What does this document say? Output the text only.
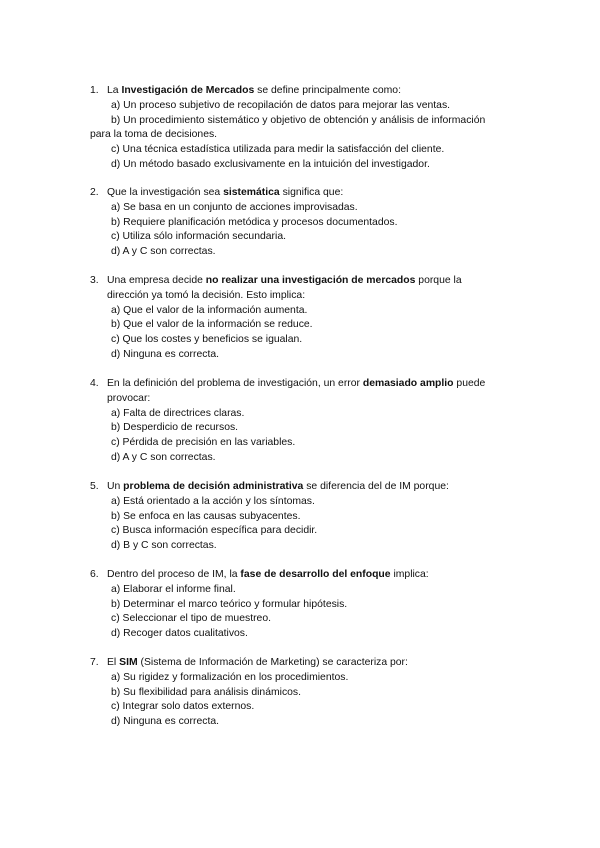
1. La Investigación de Mercados se define principalmente como:
a) Un proceso subjetivo de recopilación de datos para mejorar las ventas.
b) Un procedimiento sistemático y objetivo de obtención y análisis de información
para la toma de decisiones.
c) Una técnica estadística utilizada para medir la satisfacción del cliente.
d) Un método basado exclusivamente en la intuición del investigador.
2. Que la investigación sea sistemática significa que:
a) Se basa en un conjunto de acciones improvisadas.
b) Requiere planificación metódica y procesos documentados.
c) Utiliza sólo información secundaria.
d) A y C son correctas.
3. Una empresa decide no realizar una investigación de mercados porque la
dirección ya tomó la decisión. Esto implica:
a) Que el valor de la información aumenta.
b) Que el valor de la información se reduce.
c) Que los costes y beneficios se igualan.
d) Ninguna es correcta.
4. En la definición del problema de investigación, un error demasiado amplio puede
provocar:
a) Falta de directrices claras.
b) Desperdicio de recursos.
c) Pérdida de precisión en las variables.
d) A y C son correctas.
5. Un problema de decisión administrativa se diferencia del de IM porque:
a) Está orientado a la acción y los síntomas.
b) Se enfoca en las causas subyacentes.
c) Busca información específica para decidir.
d) B y C son correctas.
6. Dentro del proceso de IM, la fase de desarrollo del enfoque implica:
a) Elaborar el informe final.
b) Determinar el marco teórico y formular hipótesis.
c) Seleccionar el tipo de muestreo.
d) Recoger datos cualitativos.
7. El SIM (Sistema de Información de Marketing) se caracteriza por:
a) Su rigidez y formalización en los procedimientos.
b) Su flexibilidad para análisis dinámicos.
c) Integrar solo datos externos.
d) Ninguna es correcta.
